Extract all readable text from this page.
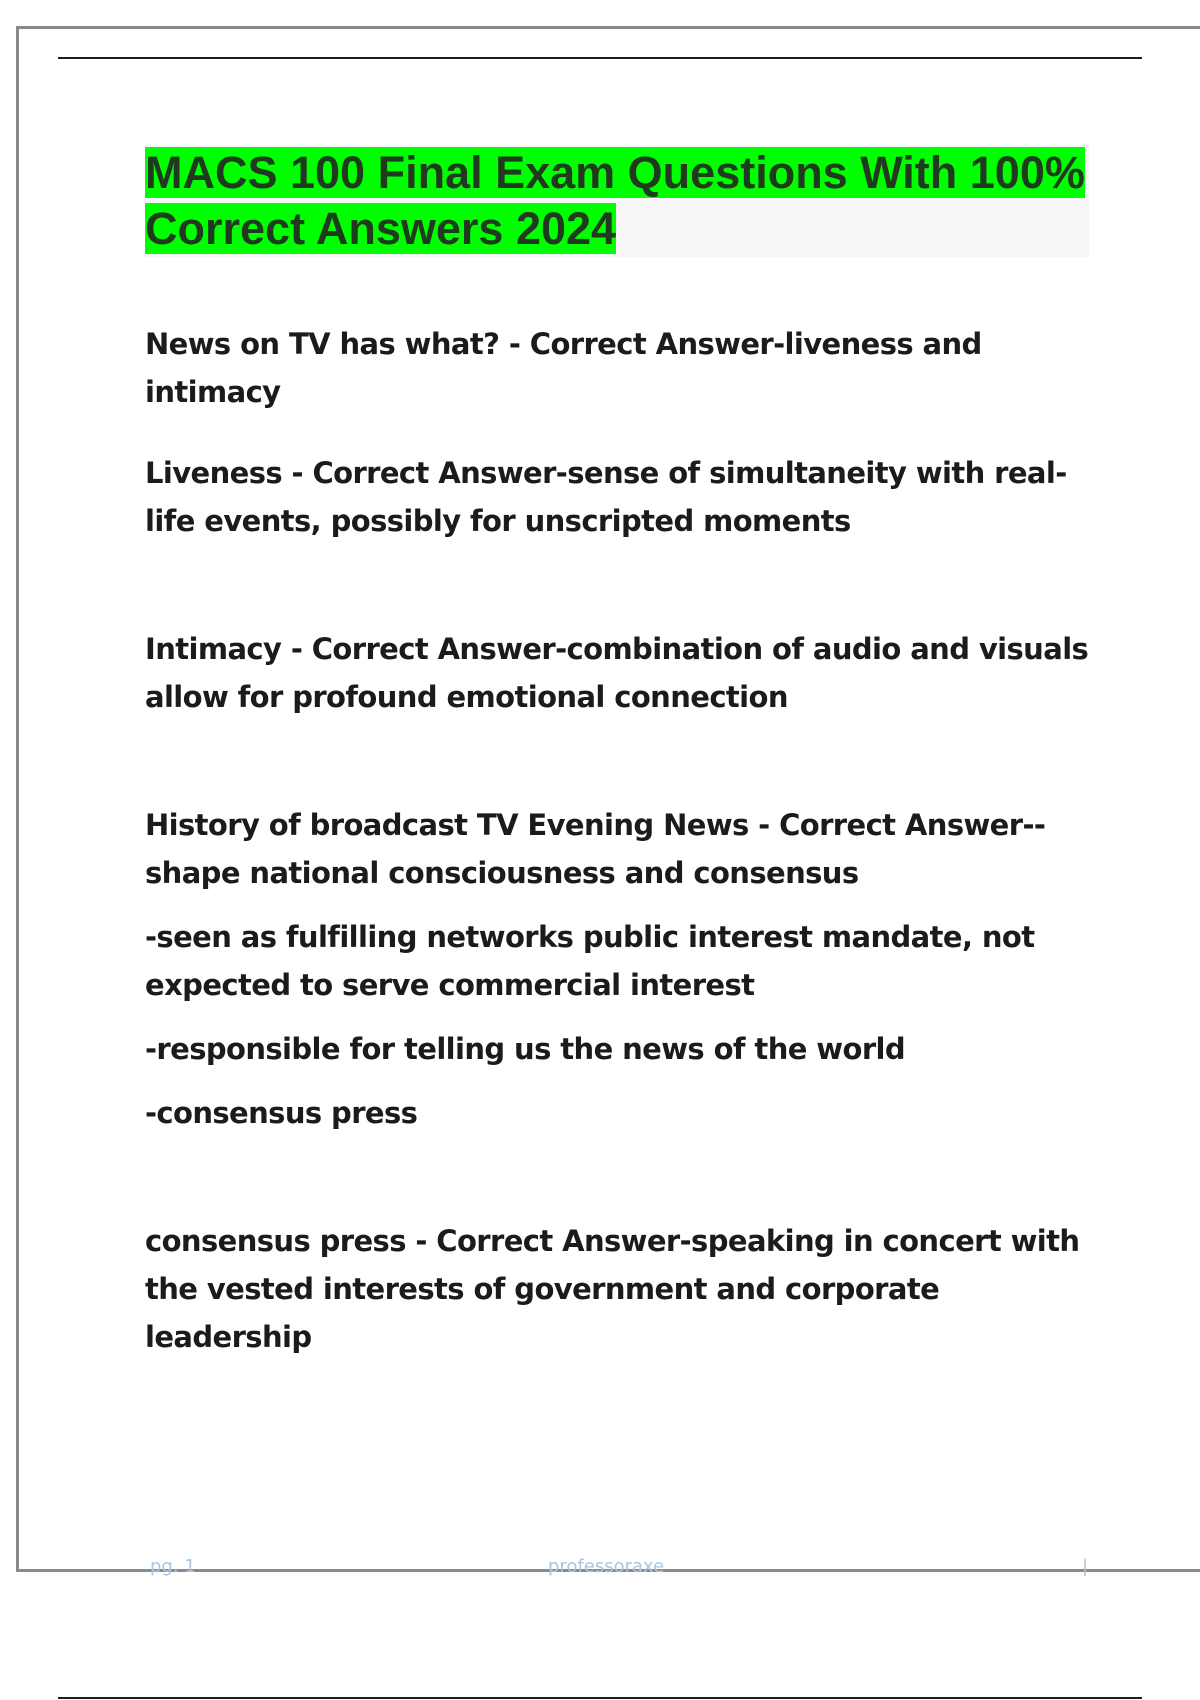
MACS 100 Final Exam Questions With 100% Correct Answers 2024

News on TV has what? - Correct Answer-liveness and intimacy

Liveness - Correct Answer-sense of simultaneity with real-life events, possibly for unscripted moments

Intimacy - Correct Answer-combination of audio and visuals allow for profound emotional connection

History of broadcast TV Evening News - Correct Answer--shape national consciousness and consensus

-seen as fulfilling networks public interest mandate, not expected to serve commercial interest

-responsible for telling us the news of the world

-consensus press

consensus press - Correct Answer-speaking in concert with the vested interests of government and corporate leadership

pg. 1	professoraxe	|
